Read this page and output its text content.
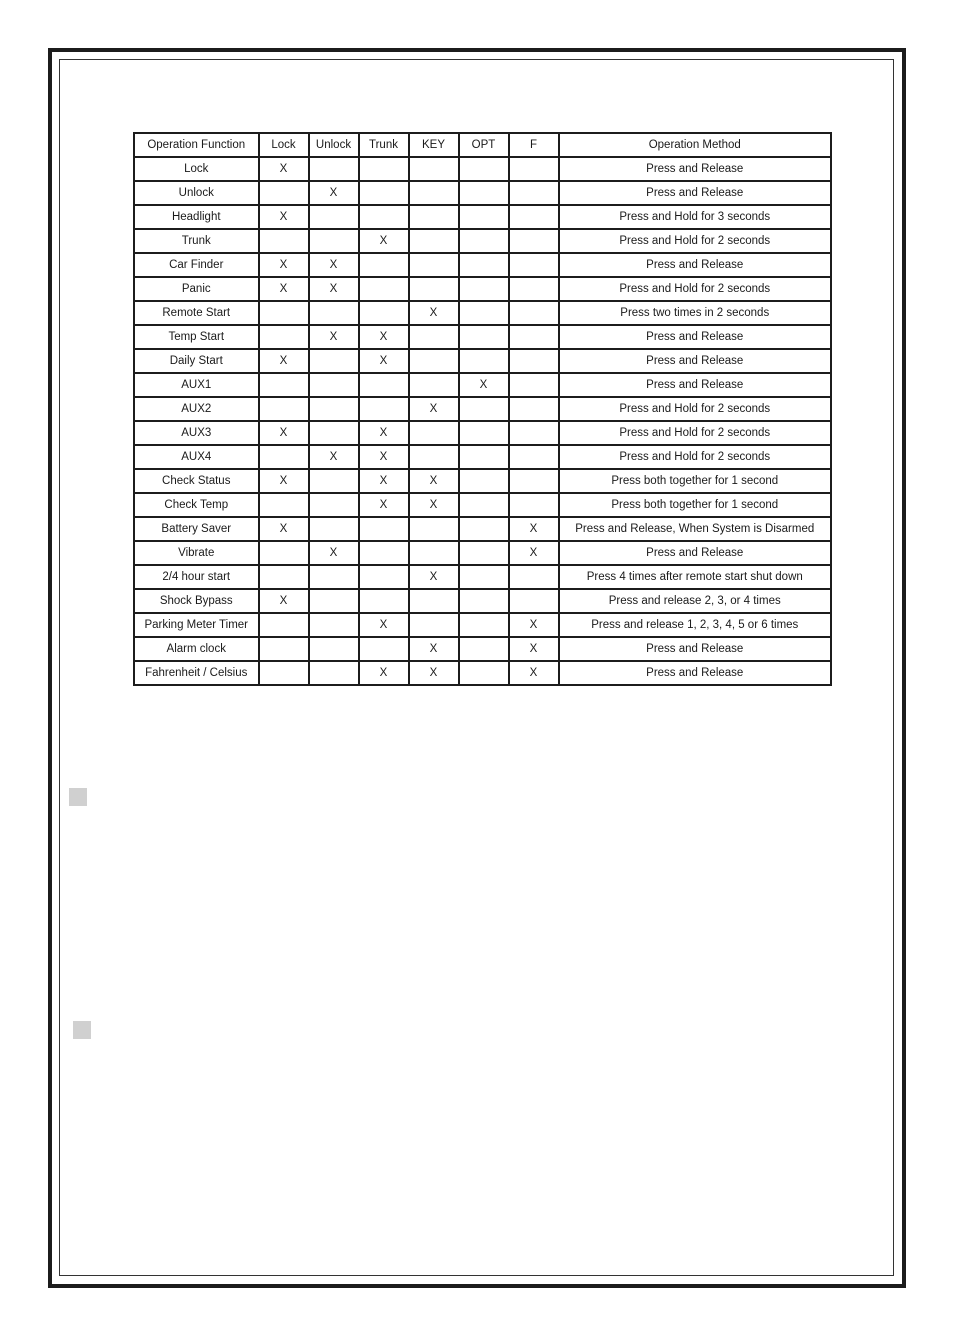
Operation Function	Lock	Unlock	Trunk	KEY	OPT	F	Operation Method
Lock	X						Press and Release
Unlock		X					Press and Release
Headlight	X						Press and Hold for 3 seconds
Trunk			X				Press and Hold for 2 seconds
Car Finder	X	X					Press and Release
Panic	X	X					Press and Hold for 2 seconds
Remote Start				X			Press two times in 2 seconds
Temp Start		X	X				Press and Release
Daily Start	X		X				Press and Release
AUX1					X		Press and Release
AUX2				X			Press and Hold for 2 seconds
AUX3	X		X				Press and Hold for 2 seconds
AUX4		X	X				Press and Hold for 2 seconds
Check Status	X		X	X			Press both together for 1 second
Check Temp			X	X			Press both together for 1 second
Battery Saver	X					X	Press and Release, When System is Disarmed
Vibrate		X				X	Press and Release
2/4 hour start				X			Press 4 times after remote start shut down
Shock Bypass	X						Press and release 2, 3, or 4 times
Parking Meter Timer			X			X	Press and release 1, 2, 3, 4, 5 or 6 times
Alarm clock				X		X	Press and Release
Fahrenheit / Celsius			X	X		X	Press and Release
